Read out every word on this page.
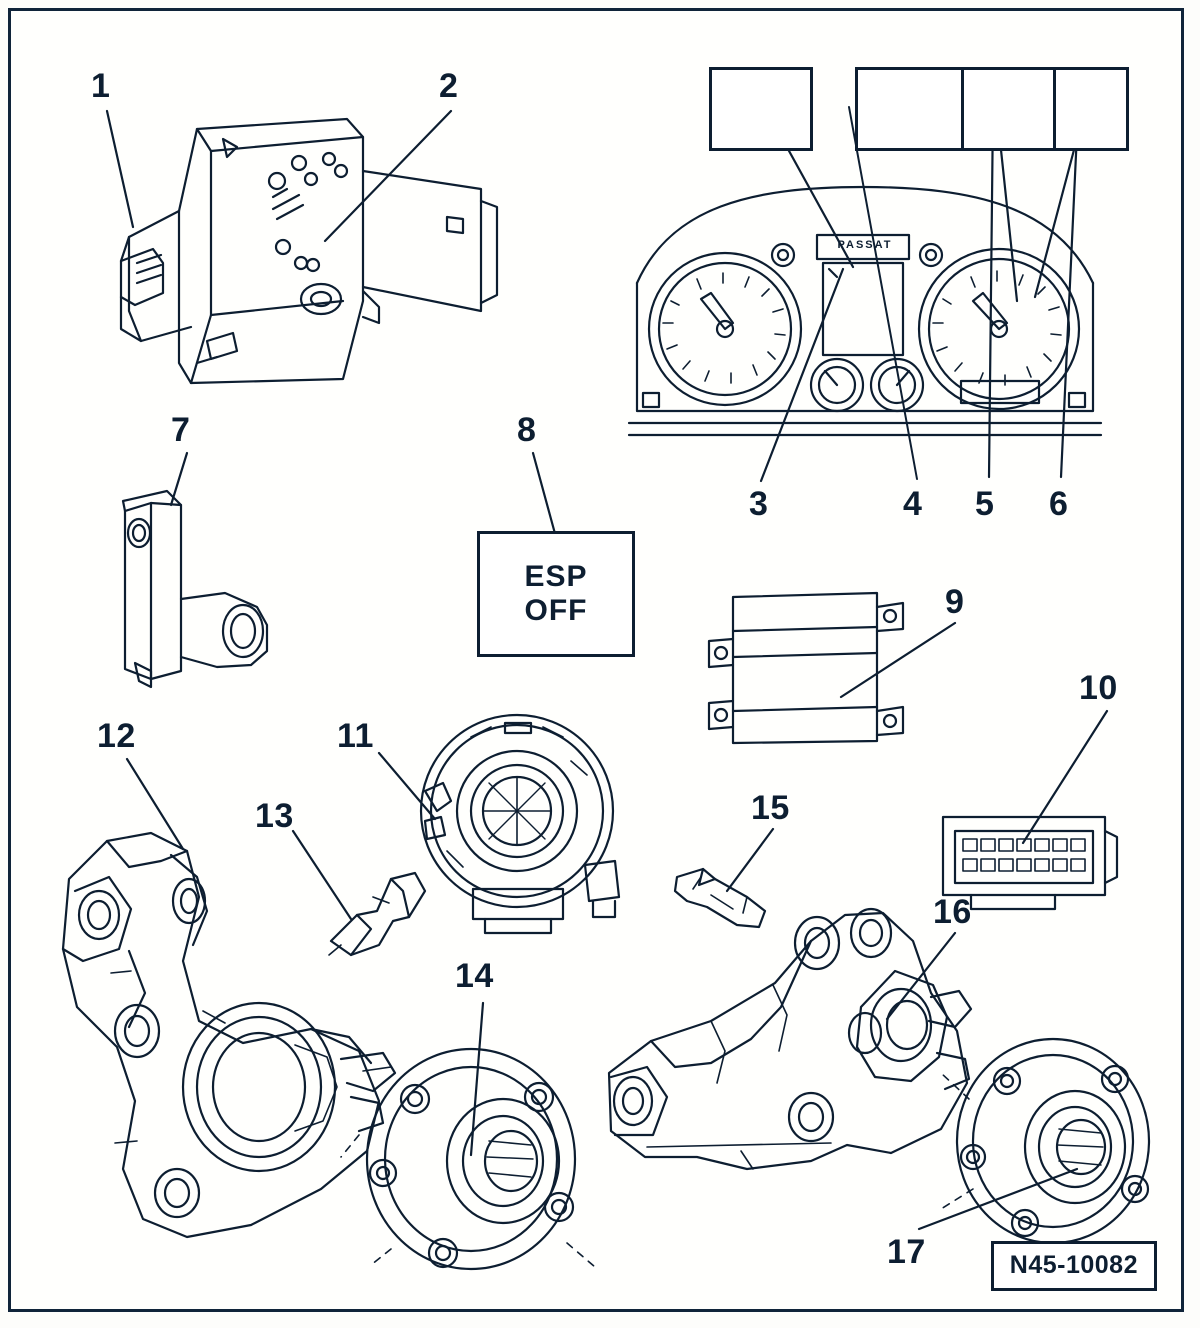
PASSAT
ESP
OFF
1	2
3	4 5 6
7	8
9
10
11
12
13
14
15
16
17	N45-10082
